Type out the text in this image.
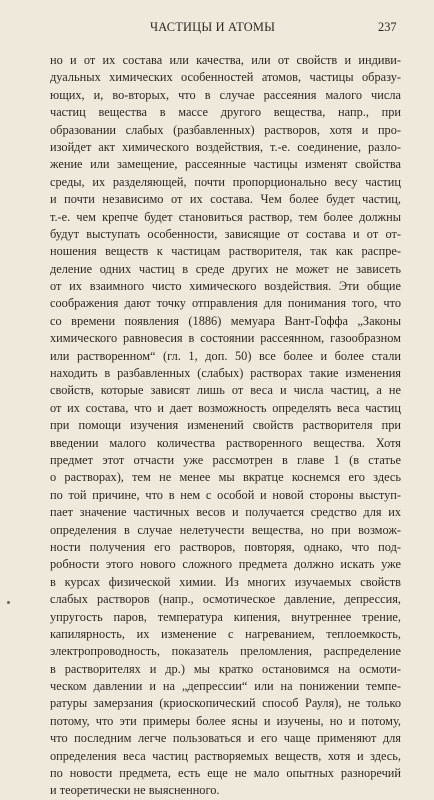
ЧАСТИЦЫ И АТОМЫ	237
но и от их состава или качества, или от свойств и индиви-
дуальных химических особенностей атомов, частицы образу-
ющих, и, во-вторых, что в случае рассеяния малого числа
частиц вещества в массе другого вещества, напр., при
образовании слабых (разбавленных) растворов, хотя и про-
изойдет акт химического воздействия, т.-е. соединение, разло-
жение или замещение, рассеянные частицы изменят свойства
среды, их разделяющей, почти пропорционально весу частиц
и почти независимо от их состава. Чем более будет частиц,
т.-е. чем крепче будет становиться раствор, тем более должны
будут выступать особенности, зависящие от состава и от от-
ношения веществ к частицам растворителя, так как распре-
деление одних частиц в среде других не может не зависеть
от их взаимного чисто химического воздействия. Эти общие
соображения дают точку отправления для понимания того, что
со времени появления (1886) мемуара Вант-Гоффа „Законы
химического равновесия в состоянии рассеянном, газообразном
или растворенном“ (гл. 1, доп. 50) все более и более стали
находить в разбавленных (слабых) растворах такие изменения
свойств, которые зависят лишь от веса и числа частиц, а не
от их состава, что и дает возможность определять веса частиц
при помощи изучения изменений свойств растворителя при
введении малого количества растворенного вещества. Хотя
предмет этот отчасти уже рассмотрен в главе 1 (в статье
о растворах), тем не менее мы вкратце коснемся его здесь
по той причине, что в нем с особой и новой стороны выступ-
пает значение частичных весов и получается средство для их
определения в случае нелетучести вещества, но при возмож-
ности получения его растворов, повторяя, однако, что под-
робности этого нового сложного предмета должно искать уже
в курсах физической химии. Из многих изучаемых свойств
слабых растворов (напр., осмотическое давление, депрессия,
упругость паров, температура кипения, внутреннее трение,
капилярность, их изменение с нагреванием, теплоемкость,
электропроводность, показатель преломления, распределение
в растворителях и др.) мы кратко остановимся на осмоти-
ческом давлении и на „депрессии“ или на понижении темпе-
ратуры замерзания (криоскопический способ Рауля), не только
потому, что эти примеры более ясны и изучены, но и потому,
что последним легче пользоваться и его чаще применяют для
определения веса частиц растворяемых веществ, хотя и здесь,
по новости предмета, есть еще не мало опытных разноречий
и теоретически не выясненного.
